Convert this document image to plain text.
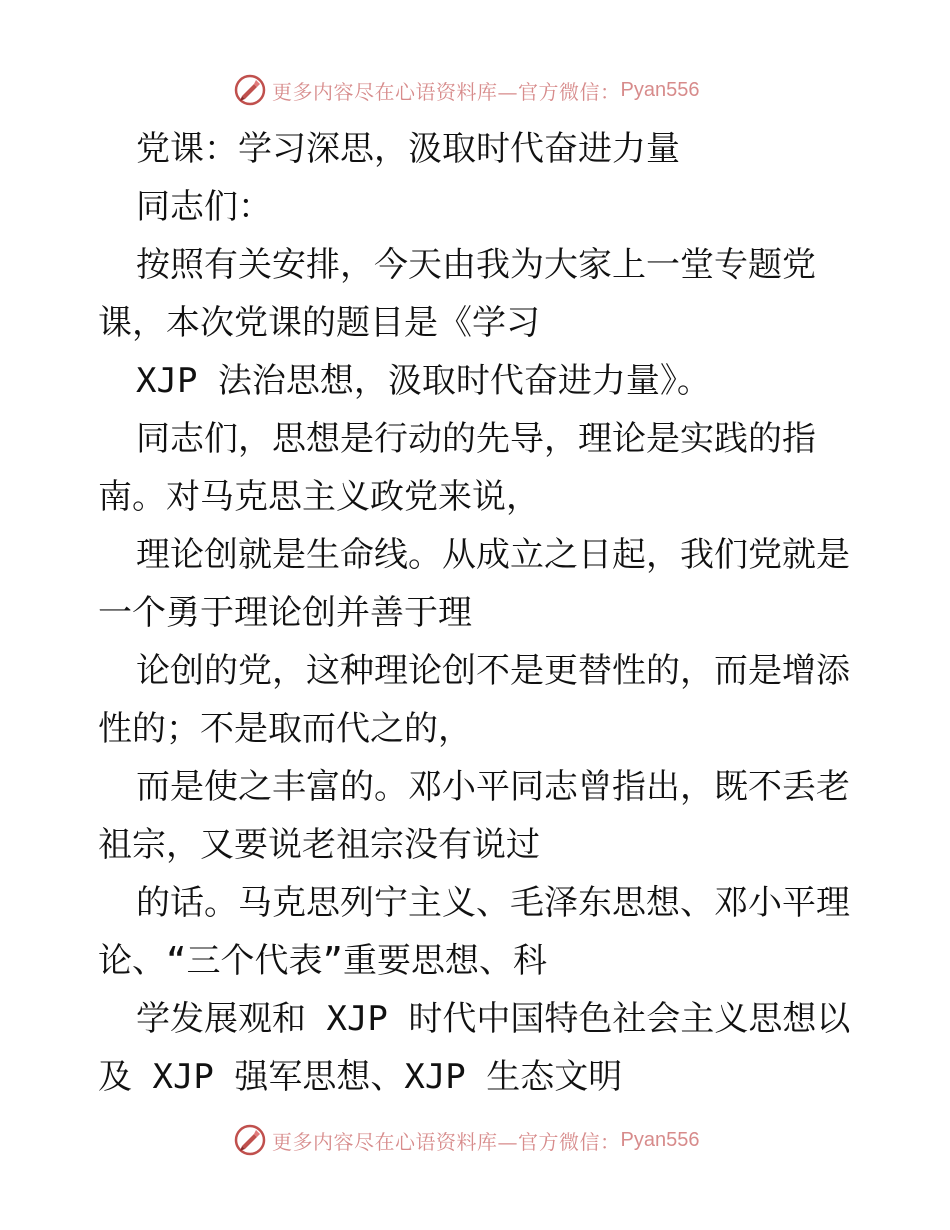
更多内容尽在心语资料库—官方微信： Pyan556
党课：学习深思，汲取时代奋进力量
同志们：
按照有关安排，今天由我为大家上一堂专题党
课，本次党课的题目是《学习
XJP 法治思想，汲取时代奋进力量》。
同志们，思想是行动的先导，理论是实践的指
南。对马克思主义政党来说，
理论创就是生命线。从成立之日起，我们党就是
一个勇于理论创并善于理
论创的党，这种理论创不是更替性的，而是增添
性的；不是取而代之的，
而是使之丰富的。邓小平同志曾指出，既不丢老
祖宗，又要说老祖宗没有说过
的话。马克思列宁主义、毛泽东思想、邓小平理
论、“三个代表”重要思想、科
学发展观和 XJP 时代中国特色社会主义思想以
及 XJP 强军思想、XJP 生态文明
更多内容尽在心语资料库—官方微信： Pyan556
